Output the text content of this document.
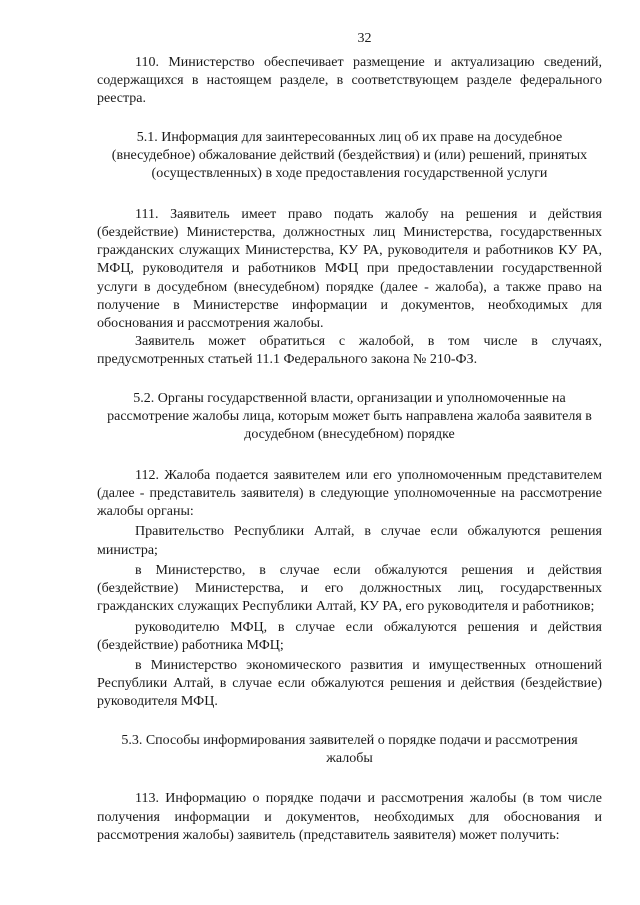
32

110. Министерство обеспечивает размещение и актуализацию сведений, содержащихся в настоящем разделе, в соответствующем разделе федерального реестра.

5.1. Информация для заинтересованных лиц об их праве на досудебное (внесудебное) обжалование действий (бездействия) и (или) решений, принятых (осуществленных) в ходе предоставления государственной услуги

111. Заявитель имеет право подать жалобу на решения и действия (бездействие) Министерства, должностных лиц Министерства, государственных гражданских служащих Министерства, КУ РА, руководителя и работников КУ РА, МФЦ, руководителя и работников МФЦ при предоставлении государственной услуги в досудебном (внесудебном) порядке (далее - жалоба), а также право на получение в Министерстве информации и документов, необходимых для обоснования и рассмотрения жалобы.

Заявитель может обратиться с жалобой, в том числе в случаях, предусмотренных статьей 11.1 Федерального закона № 210-ФЗ.

5.2. Органы государственной власти, организации и уполномоченные на рассмотрение жалобы лица, которым может быть направлена жалоба заявителя в досудебном (внесудебном) порядке

112. Жалоба подается заявителем или его уполномоченным представителем (далее - представитель заявителя) в следующие уполномоченные на рассмотрение жалобы органы:

Правительство Республики Алтай, в случае если обжалуются решения министра;

в Министерство, в случае если обжалуются решения и действия (бездействие) Министерства, и его должностных лиц, государственных гражданских служащих Республики Алтай, КУ РА, его руководителя и работников;

руководителю МФЦ, в случае если обжалуются решения и действия (бездействие) работника МФЦ;

в Министерство экономического развития и имущественных отношений Республики Алтай, в случае если обжалуются решения и действия (бездействие) руководителя МФЦ.

5.3. Способы информирования заявителей о порядке подачи и рассмотрения жалобы

113. Информацию о порядке подачи и рассмотрения жалобы (в том числе получения информации и документов, необходимых для обоснования и рассмотрения жалобы) заявитель (представитель заявителя) может получить:
